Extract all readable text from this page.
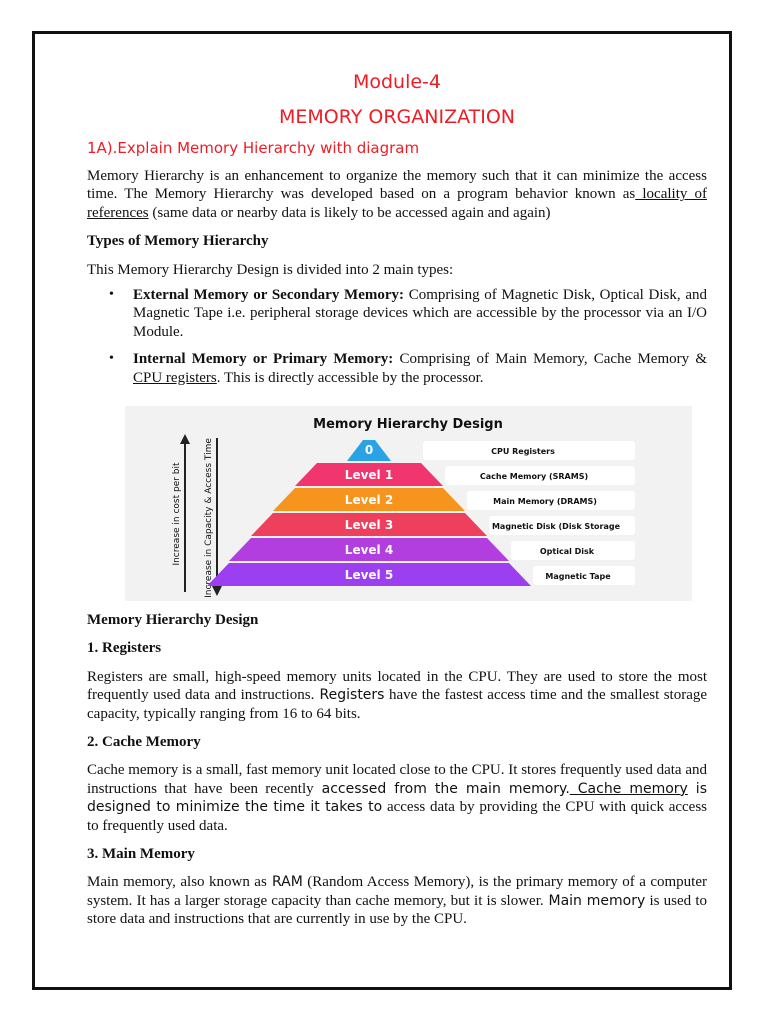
Module-4
MEMORY ORGANIZATION
1A).Explain Memory Hierarchy with diagram

Memory Hierarchy is an enhancement to organize the memory such that it can minimize the access time. The Memory Hierarchy was developed based on a program behavior known as locality of references (same data or nearby data is likely to be accessed again and again)

Types of Memory Hierarchy

This Memory Hierarchy Design is divided into 2 main types:

• External Memory or Secondary Memory: Comprising of Magnetic Disk, Optical Disk, and Magnetic Tape i.e. peripheral storage devices which are accessible by the processor via an I/O Module.
• Internal Memory or Primary Memory: Comprising of Main Memory, Cache Memory & CPU registers. This is directly accessible by the processor.
Memory Hierarchy Design
Increase in cost per bit Increase in Capacity & Access Time	0	CPU Registers
Level 1	Cache Memory (SRAMS)
Level 2	Main Memory (DRAMS)
Level 3	Magnetic Disk (Disk Storage
Level 4	Optical Disk
Level 5	Magnetic Tape

Memory Hierarchy Design

1. Registers

Registers are small, high-speed memory units located in the CPU. They are used to store the most frequently used data and instructions. Registers have the fastest access time and the smallest storage capacity, typically ranging from 16 to 64 bits.

2. Cache Memory

Cache memory is a small, fast memory unit located close to the CPU. It stores frequently used data and instructions that have been recently accessed from the main memory. Cache memory is designed to minimize the time it takes to access data by providing the CPU with quick access to frequently used data.

3. Main Memory

Main memory, also known as RAM (Random Access Memory), is the primary memory of a computer system. It has a larger storage capacity than cache memory, but it is slower. Main memory is used to store data and instructions that are currently in use by the CPU.
